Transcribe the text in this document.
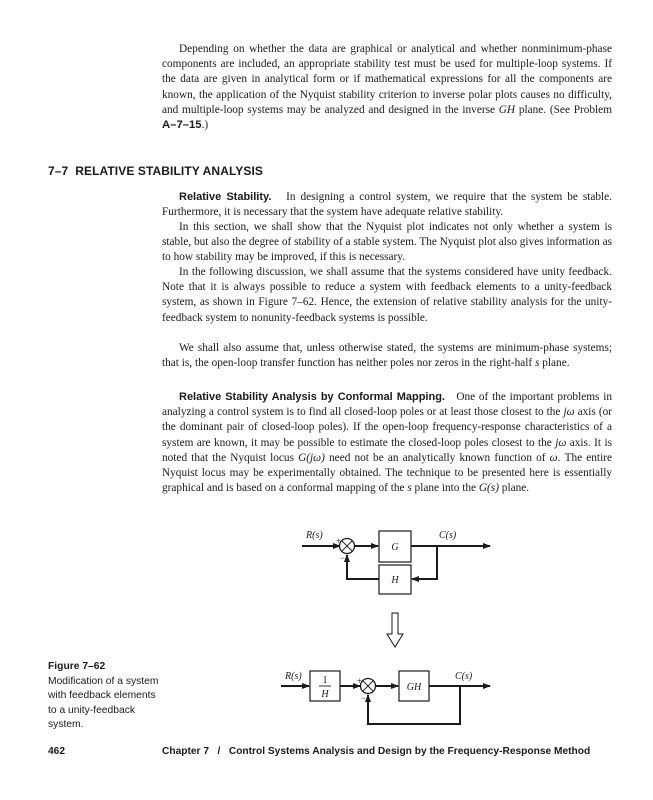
Depending on whether the data are graphical or analytical and whether nonminimum-phase components are included, an appropriate stability test must be used for multiple-loop systems. If the data are given in analytical form or if mathematical expressions for all the components are known, the application of the Nyquist stability criterion to inverse polar plots causes no difficulty, and multiple-loop systems may be analyzed and designed in the inverse GH plane. (See Problem A–7–15.)

7–7 RELATIVE STABILITY ANALYSIS

Relative Stability. In designing a control system, we require that the system be stable. Furthermore, it is necessary that the system have adequate relative stability.

In this section, we shall show that the Nyquist plot indicates not only whether a system is stable, but also the degree of stability of a stable system. The Nyquist plot also gives information as to how stability may be improved, if this is necessary.

In the following discussion, we shall assume that the systems considered have unity feedback. Note that it is always possible to reduce a system with feedback elements to a unity-feedback system, as shown in Figure 7–62. Hence, the extension of relative stability analysis for the unity-feedback system to nonunity-feedback systems is possible.

We shall also assume that, unless otherwise stated, the systems are minimum-phase systems; that is, the open-loop transfer function has neither poles nor zeros in the right-half s plane.

Relative Stability Analysis by Conformal Mapping. One of the important problems in analyzing a control system is to find all closed-loop poles or at least those closest to the jω axis (or the dominant pair of closed-loop poles). If the open-loop frequency-response characteristics of a system are known, it may be possible to estimate the closed-loop poles closest to the jω axis. It is noted that the Nyquist locus G(jω) need not be an analytically known function of ω. The entire Nyquist locus may be experimentally obtained. The technique to be presented here is essentially graphical and is based on a conformal mapping of the s plane into the G(s) plane.

R(s)	C(s)
+
−
G
H
R(s)	C(s)
1
H
+
−
GH
Figure 7–62
Modification of a system with feedback elements to a unity-feedback system.
462	Chapter 7 / Control Systems Analysis and Design by the Frequency-Response Method
